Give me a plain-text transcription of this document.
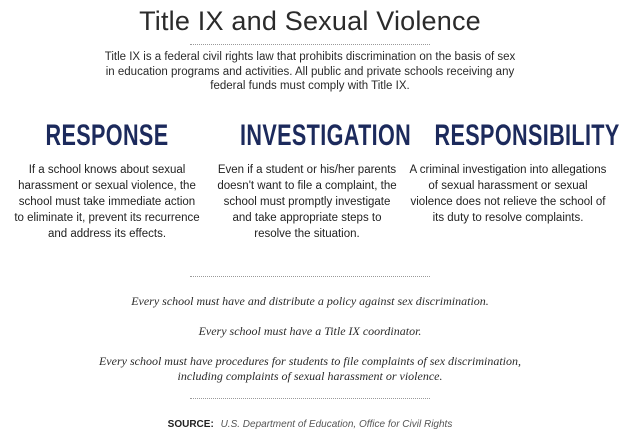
Title IX and Sexual Violence
Title IX is a federal civil rights law that prohibits discrimination on the basis of sex in education programs and activities. All public and private schools receiving any federal funds must comply with Title IX.
RESPONSE
If a school knows about sexual harassment or sexual violence, the school must take immediate action to eliminate it, prevent its recurrence and address its effects.
INVESTIGATION
Even if a student or his/her parents doesn't want to file a complaint, the school must promptly investigate and take appropriate steps to resolve the situation.
RESPONSIBILITY
A criminal investigation into allegations of sexual harassment or sexual violence does not relieve the school of its duty to resolve complaints.
Every school must have and distribute a policy against sex discrimination.
Every school must have a Title IX coordinator.
Every school must have procedures for students to file complaints of sex discrimination, including complaints of sexual harassment or violence.
SOURCE: U.S. Department of Education, Office for Civil Rights
